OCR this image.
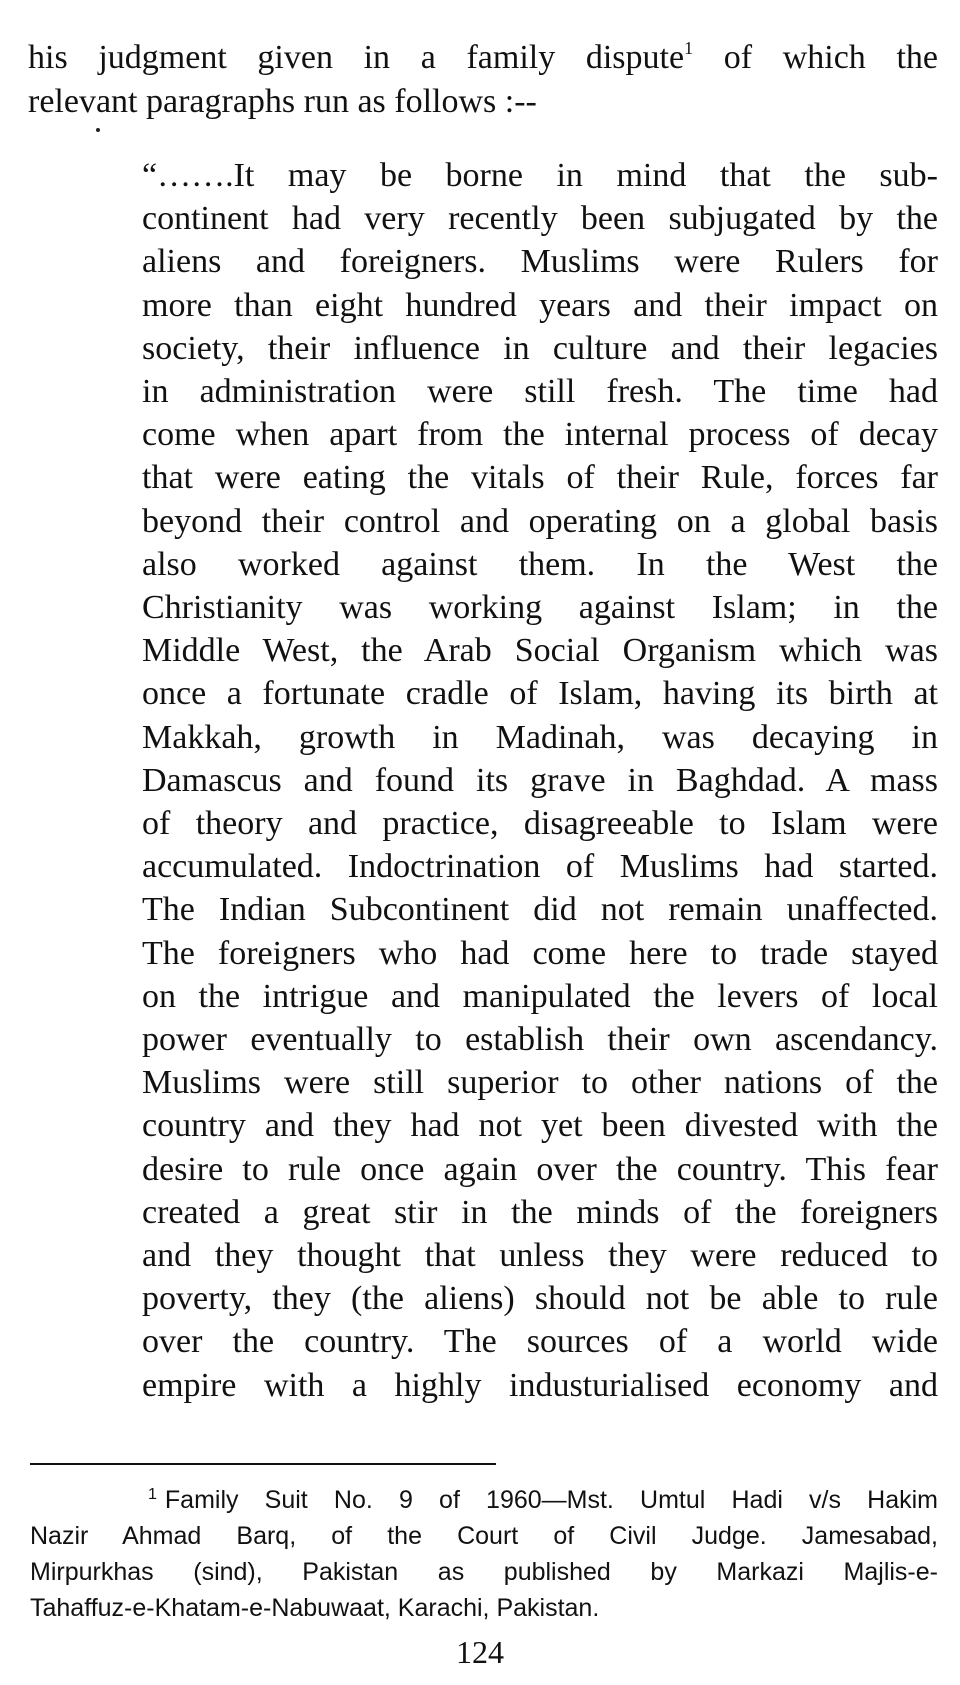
his judgment given in a family dispute$^1$ of which the
relevant paragraphs run as follows :--
“…….It may be borne in mind that the sub-
continent had very recently been subjugated by the
aliens and foreigners. Muslims were Rulers for
more than eight hundred years and their impact on
society, their influence in culture and their legacies
in administration were still fresh. The time had
come when apart from the internal process of decay
that were eating the vitals of their Rule, forces far
beyond their control and operating on a global basis
also worked against them. In the West the
Christianity was working against Islam; in the
Middle West, the Arab Social Organism which was
once a fortunate cradle of Islam, having its birth at
Makkah, growth in Madinah, was decaying in
Damascus and found its grave in Baghdad. A mass
of theory and practice, disagreeable to Islam were
accumulated. Indoctrination of Muslims had started.
The Indian Subcontinent did not remain unaffected.
The foreigners who had come here to trade stayed
on the intrigue and manipulated the levers of local
power eventually to establish their own ascendancy.
Muslims were still superior to other nations of the
country and they had not yet been divested with the
desire to rule once again over the country. This fear
created a great stir in the minds of the foreigners
and they thought that unless they were reduced to
poverty, they (the aliens) should not be able to rule
over the country. The sources of a world wide
empire with a highly industurialised economy and
$^1$ Family Suit No. 9 of 1960—Mst. Umtul Hadi v/s Hakim
Nazir Ahmad Barq, of the Court of Civil Judge. Jamesabad,
Mirpurkhas (sind), Pakistan as published by Markazi Majlis-e-
Tahaffuz-e-Khatam-e-Nabuwaat, Karachi, Pakistan.
124
